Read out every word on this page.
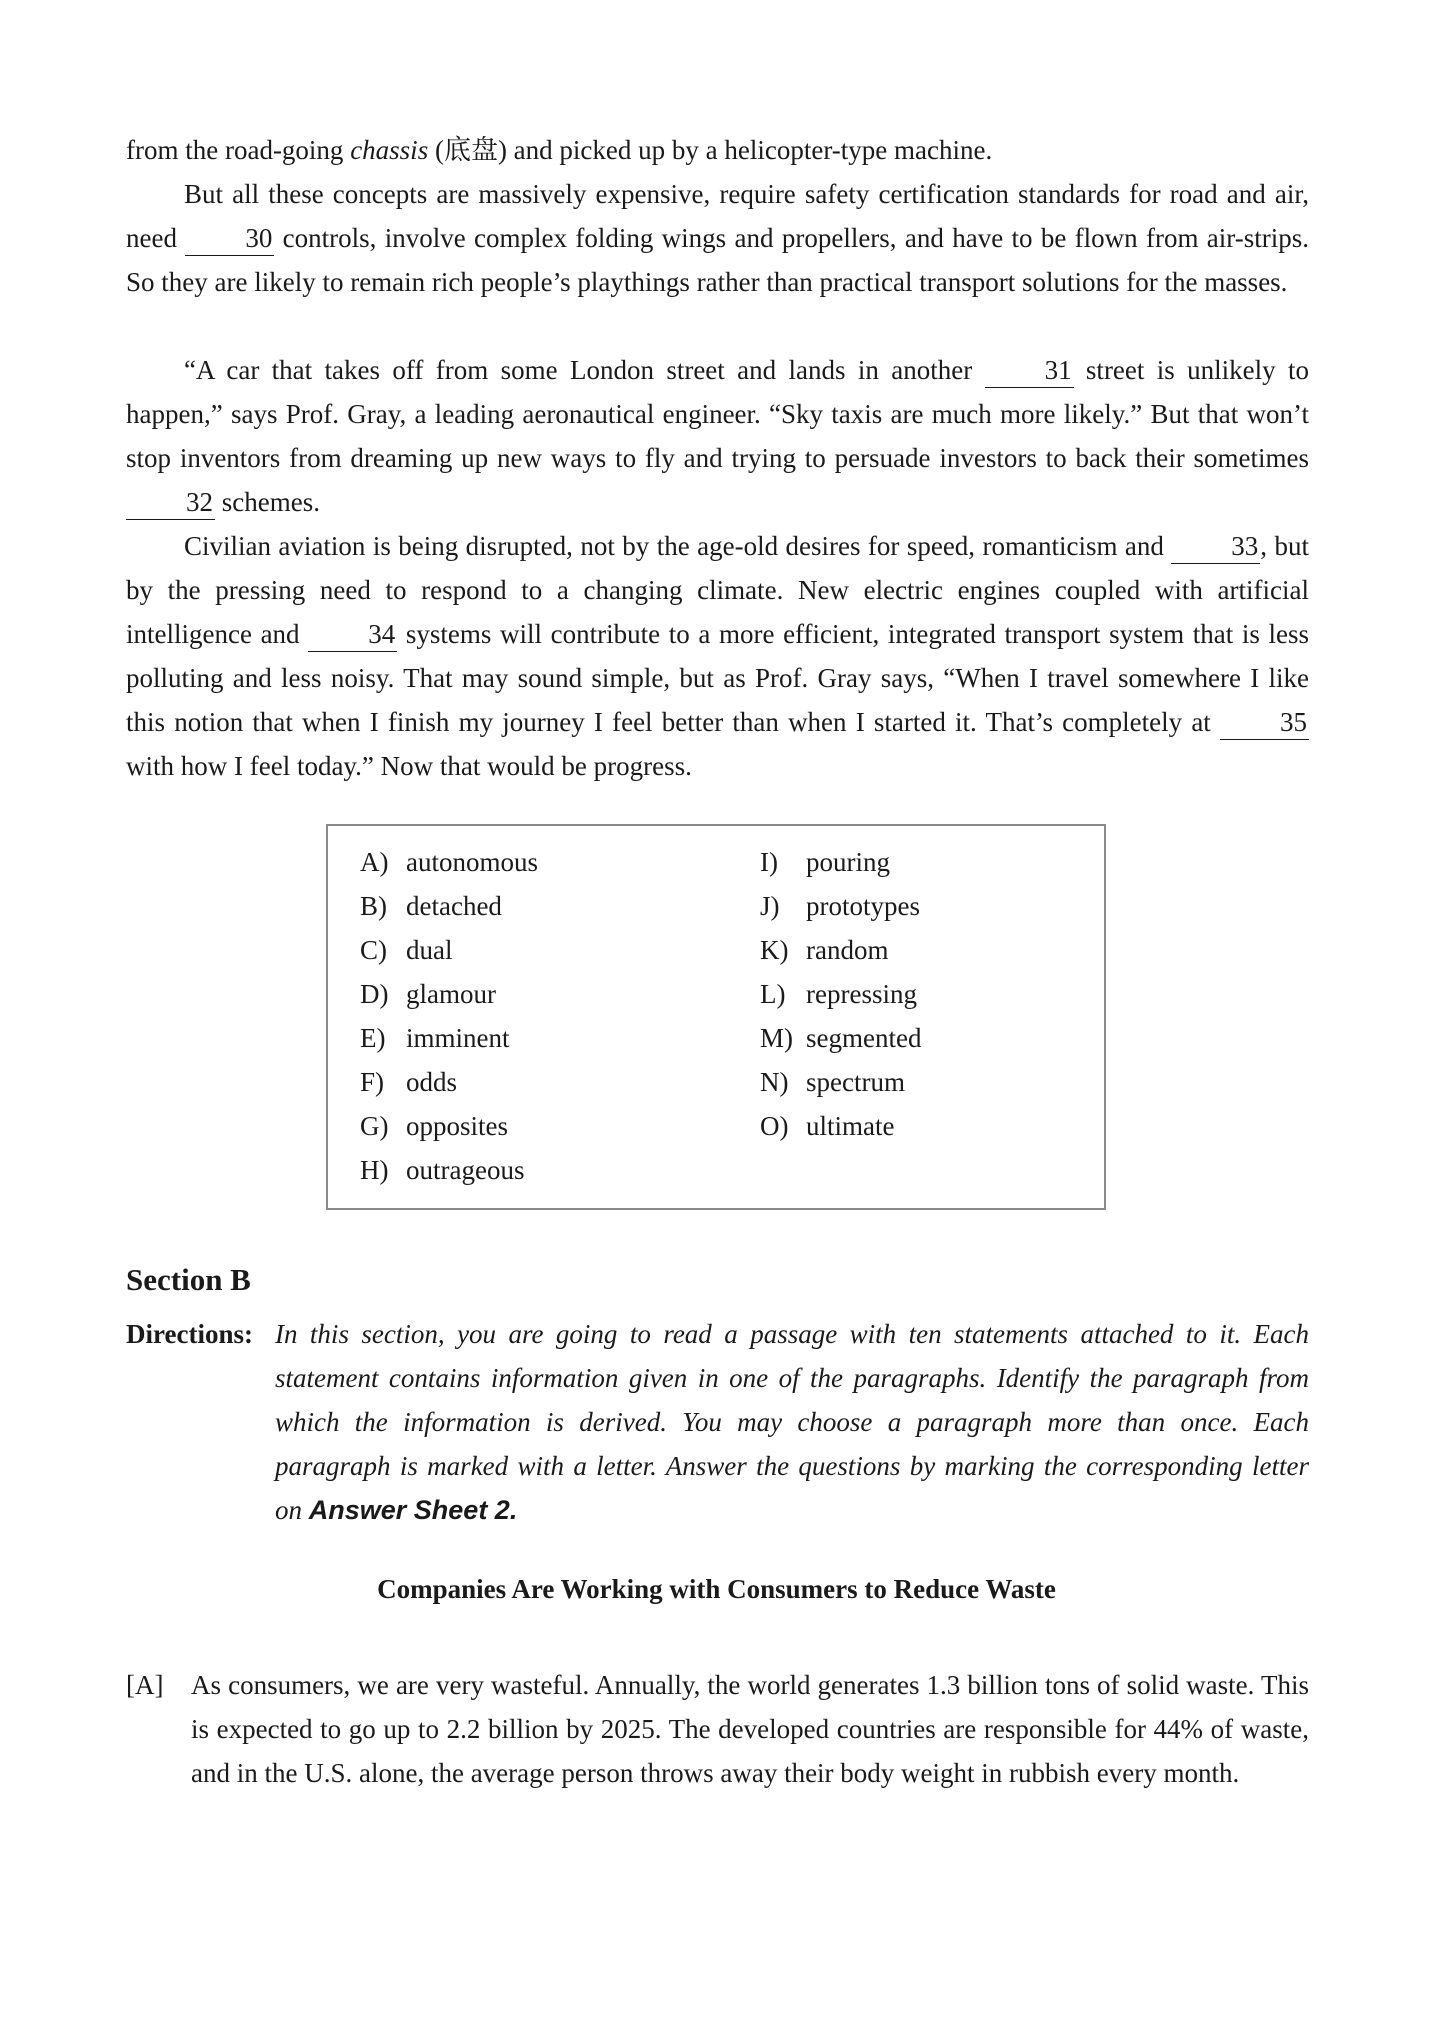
from the road-going chassis (底盘) and picked up by a helicopter-type machine.

But all these concepts are massively expensive, require safety certification standards for road and air, need 30 controls, involve complex folding wings and propellers, and have to be flown from air-strips. So they are likely to remain rich people’s playthings rather than practical transport solutions for the masses.

“A car that takes off from some London street and lands in another 31 street is unlikely to happen,” says Prof. Gray, a leading aeronautical engineer. “Sky taxis are much more likely.” But that won’t stop inventors from dreaming up new ways to fly and trying to persuade investors to back their sometimes 32 schemes.

Civilian aviation is being disrupted, not by the age-old desires for speed, romanticism and 33, but by the pressing need to respond to a changing climate. New electric engines coupled with artificial intelligence and 34 systems will contribute to a more efficient, integrated transport system that is less polluting and less noisy. That may sound simple, but as Prof. Gray says, “When I travel somewhere I like this notion that when I finish my journey I feel better than when I started it. That’s completely at 35 with how I feel today.” Now that would be progress.

A) autonomous
B) detached
C) dual
D) glamour
E) imminent
F) odds
G) opposites
H) outrageous
I) pouring
J) prototypes
K) random
L) repressing
M) segmented
N) spectrum
O) ultimate
Section B
Directions: In this section, you are going to read a passage with ten statements attached to it. Each statement contains information given in one of the paragraphs. Identify the paragraph from which the information is derived. You may choose a paragraph more than once. Each paragraph is marked with a letter. Answer the questions by marking the corresponding letter on Answer Sheet 2.

Companies Are Working with Consumers to Reduce Waste
[A] As consumers, we are very wasteful. Annually, the world generates 1.3 billion tons of solid waste. This is expected to go up to 2.2 billion by 2025. The developed countries are responsible for 44% of waste, and in the U.S. alone, the average person throws away their body weight in rubbish every month.
